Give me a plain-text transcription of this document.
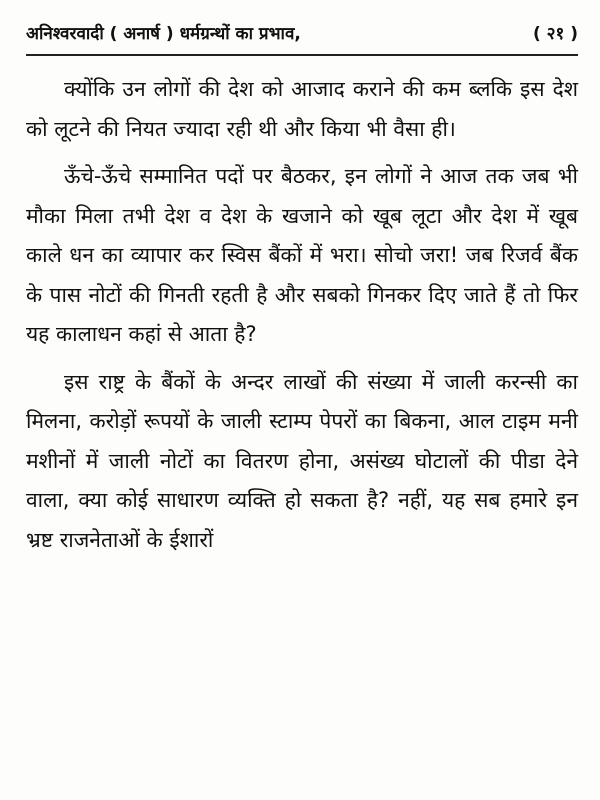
अनिश्वरवादी ( अनार्ष ) धर्मग्रन्थों का प्रभाव,	( २१ )

क्योंकि उन लोगों की देश को आजाद कराने की कम ब्लकि इस देश को लूटने की नियत ज्यादा रही थी और किया भी वैसा ही।

ऊँचे-ऊँचे सम्मानित पदों पर बैठकर, इन लोगों ने आज तक जब भी मौका मिला तभी देश व देश के खजाने को खूब लूटा और देश में खूब काले धन का व्यापार कर स्विस बैंकों में भरा। सोचो जरा! जब रिजर्व बैंक के पास नोटों की गिनती रहती है और सबको गिनकर दिए जाते हैं तो फिर यह कालाधन कहां से आता है?

इस राष्ट्र के बैंकों के अन्दर लाखों की संख्या में जाली करन्सी का मिलना, करोड़ों रूपयों के जाली स्टाम्प पेपरों का बिकना, आल टाइम मनी मशीनों में जाली नोटों का वितरण होना, असंख्य घोटालों की पीडा देने वाला, क्या कोई साधारण व्यक्ति हो सकता है? नहीं, यह सब हमारे इन भ्रष्ट राजनेताओं के ईशारों
